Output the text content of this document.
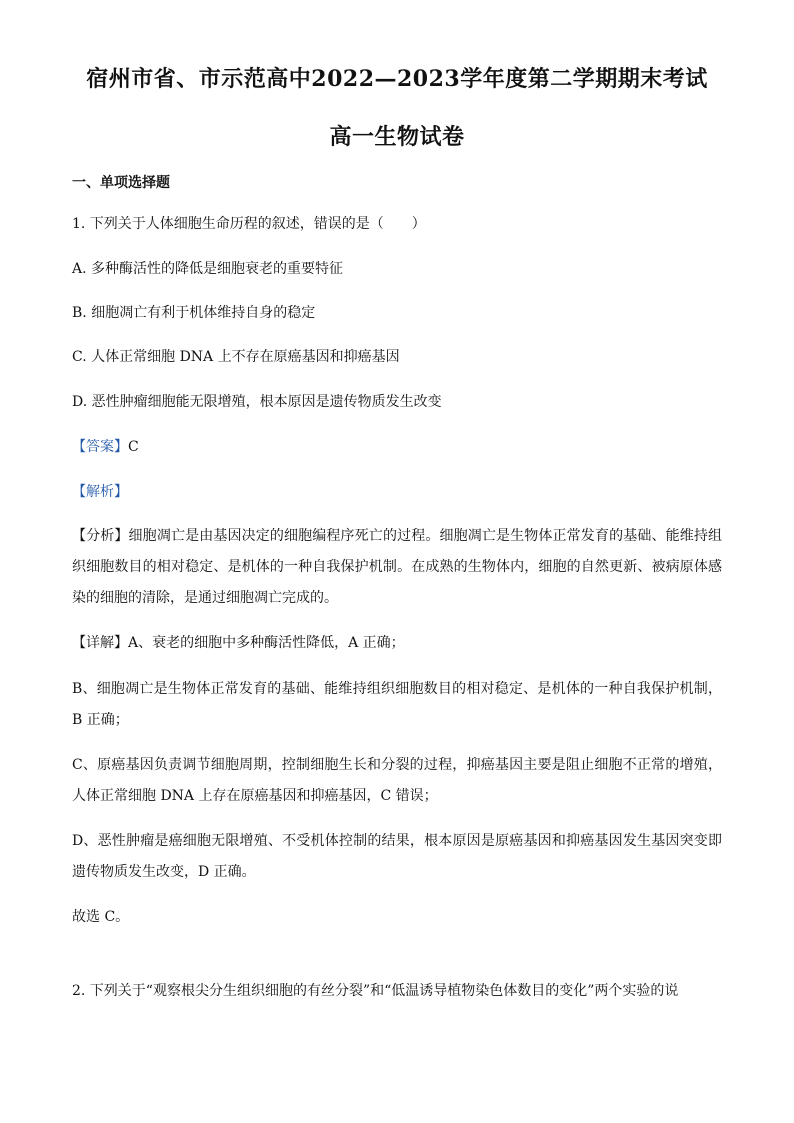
宿州市省、市示范高中2022—2023学年度第二学期期末考试
高一生物试卷
一、单项选择题
1. 下列关于人体细胞生命历程的叙述，错误的是（　　）
A. 多种酶活性的降低是细胞衰老的重要特征
B. 细胞凋亡有利于机体维持自身的稳定
C. 人体正常细胞 DNA 上不存在原癌基因和抑癌基因
D. 恶性肿瘤细胞能无限增殖，根本原因是遗传物质发生改变
【答案】C
【解析】
【分析】细胞凋亡是由基因决定的细胞编程序死亡的过程。细胞凋亡是生物体正常发育的基础、能维持组织细胞数目的相对稳定、是机体的一种自我保护机制。在成熟的生物体内，细胞的自然更新、被病原体感染的细胞的清除，是通过细胞凋亡完成的。
【详解】A、衰老的细胞中多种酶活性降低，A 正确；
B、细胞凋亡是生物体正常发育的基础、能维持组织细胞数目的相对稳定、是机体的一种自我保护机制，B 正确；
C、原癌基因负责调节细胞周期，控制细胞生长和分裂的过程，抑癌基因主要是阻止细胞不正常的增殖，人体正常细胞 DNA 上存在原癌基因和抑癌基因，C 错误；
D、恶性肿瘤是癌细胞无限增殖、不受机体控制的结果，根本原因是原癌基因和抑癌基因发生基因突变即遗传物质发生改变，D 正确。
故选 C。
2. 下列关于“观察根尖分生组织细胞的有丝分裂”和“低温诱导植物染色体数目的变化”两个实验的说
